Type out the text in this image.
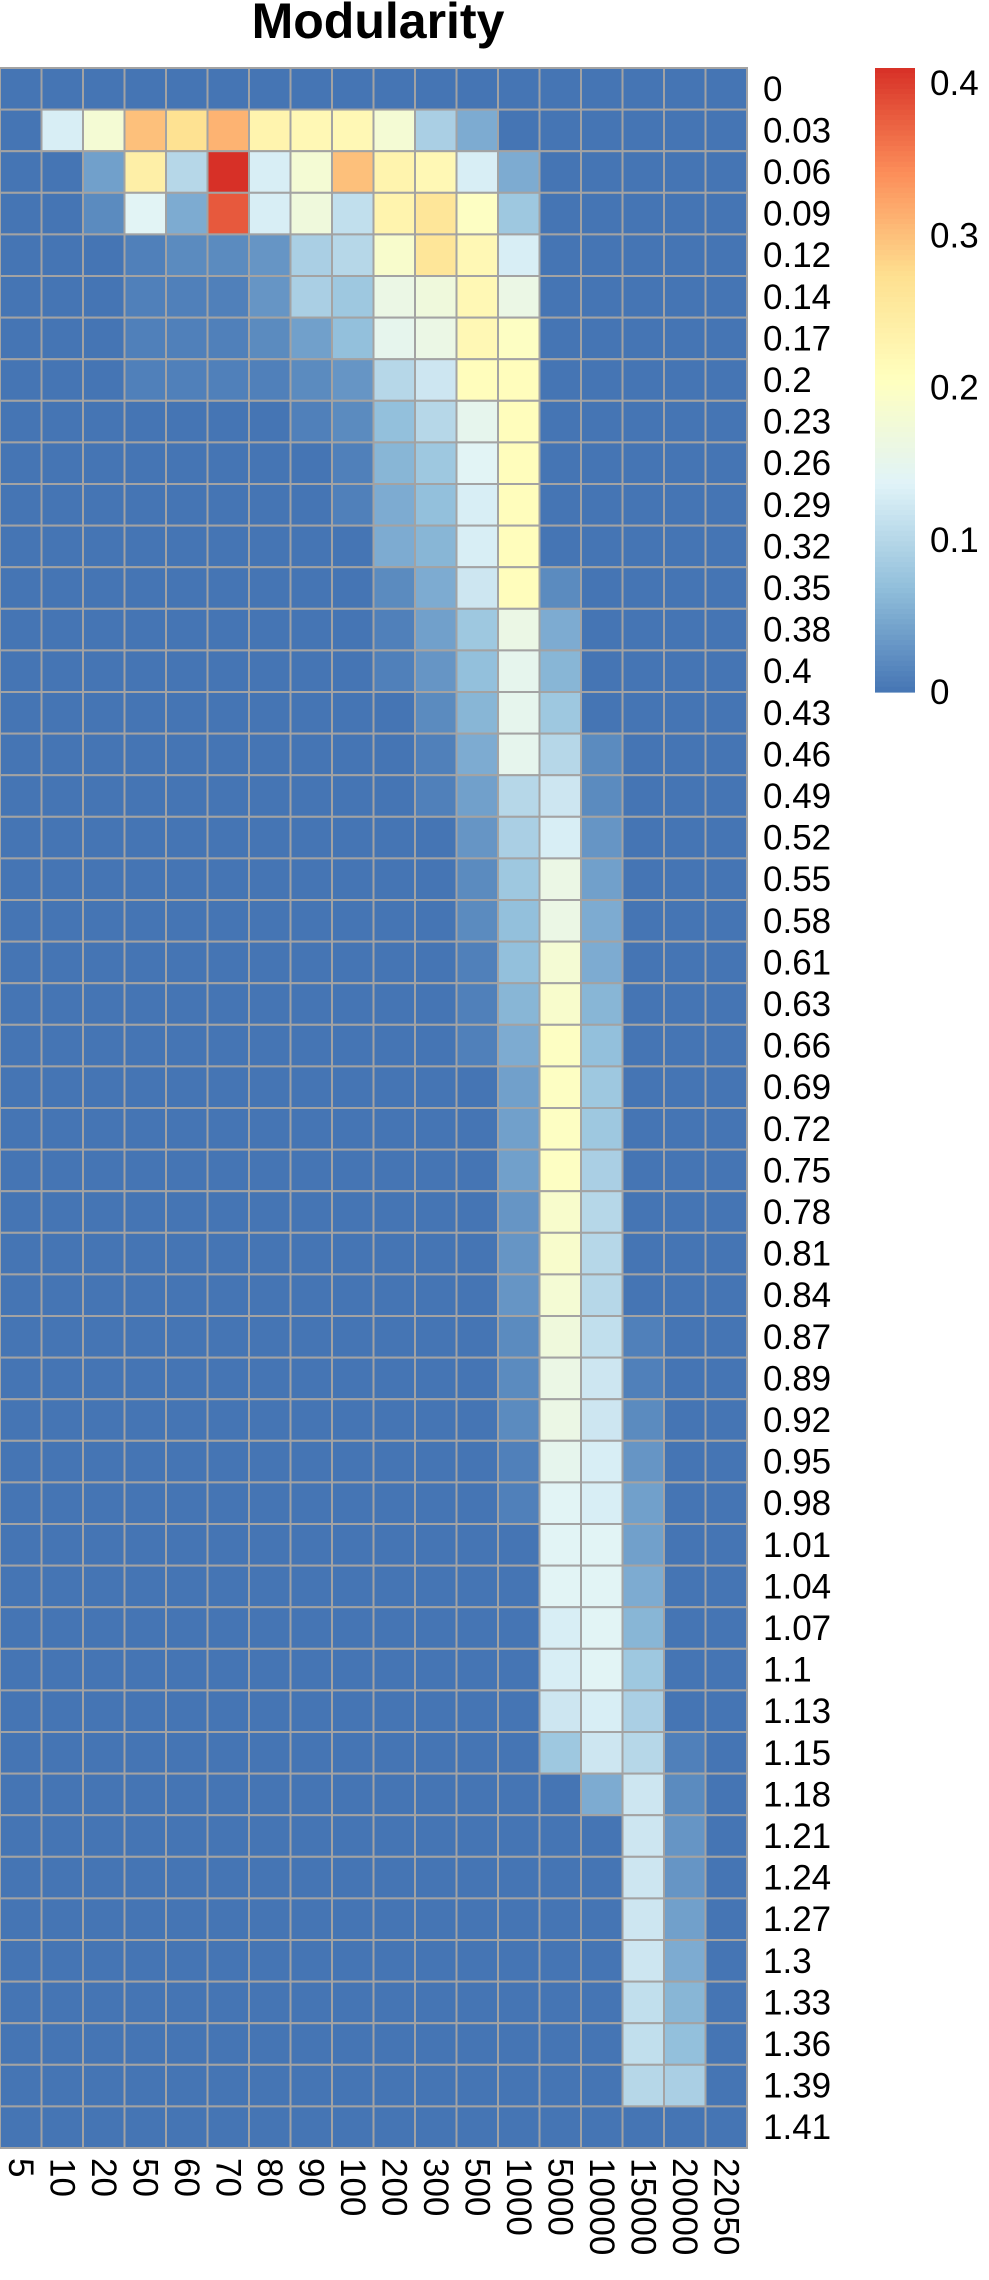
Modularity
0
0.03
0.06
0.09
0.12
0.14
0.17
0.2
0.23
0.26
0.29
0.32
0.35
0.38
0.4
0.43
0.46
0.49
0.52
0.55
0.58
0.61
0.63
0.66
0.69
0.72
0.75
0.78
0.81
0.84
0.87
0.89
0.92
0.95
0.98
1.01
1.04
1.07
1.1
1.13
1.15
1.18
1.21
1.24
1.27
1.3
1.33
1.36
1.39
1.41
5 10 20 50 60 70 80 90 100 200 300 500 1000 5000 10000 15000 20000 22050
0
0.1
0.2
0.3
0.4
